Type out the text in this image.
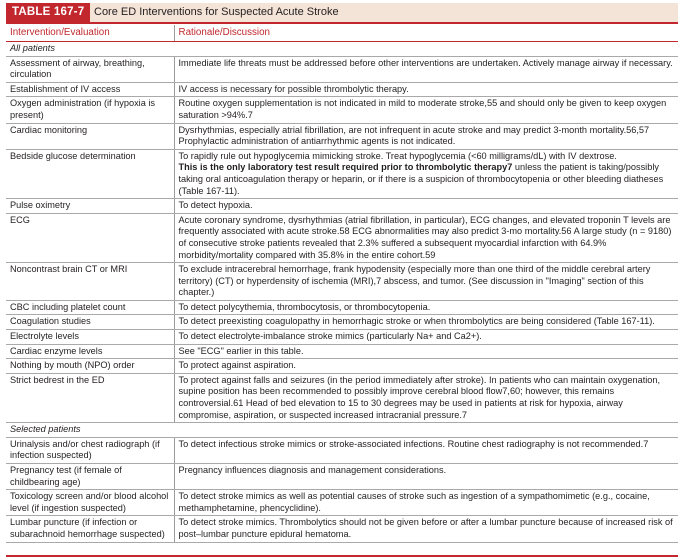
TABLE 167-7 Core ED Interventions for Suspected Acute Stroke
Intervention/Evaluation	Rationale/Discussion
All patients	
Assessment of airway, breathing, circulation	Immediate life threats must be addressed before other interventions are undertaken. Actively manage airway if necessary.
Establishment of IV access	IV access is necessary for possible thrombolytic therapy.
Oxygen administration (if hypoxia is present)	Routine oxygen supplementation is not indicated in mild to moderate stroke,55 and should only be given to keep oxygen saturation >94%.7
Cardiac monitoring	Dysrhythmias, especially atrial fibrillation, are not infrequent in acute stroke and may predict 3-month mortality.56,57 Prophylactic administration of antiarrhythmic agents is not indicated.
Bedside glucose determination	To rapidly rule out hypoglycemia mimicking stroke. Treat hypoglycemia (<60 milligrams/dL) with IV dextrose.

This is the only laboratory test result required prior to thrombolytic therapy7 unless the patient is taking/possibly taking oral anticoagulation therapy or heparin, or if there is a suspicion of thrombocytopenia or other bleeding diatheses (Table 167-11).

Pulse oximetry	To detect hypoxia.
ECG	Acute coronary syndrome, dysrhythmias (atrial fibrillation, in particular), ECG changes, and elevated troponin T levels are frequently associated with acute stroke.58 ECG abnormalities may also predict 3-mo mortality.56 A large study (n = 9180) of consecutive stroke patients revealed that 2.3% suffered a subsequent myocardial infarction with 64.9% morbidity/mortality compared with 35.8% in the entire cohort.59
Noncontrast brain CT or MRI	To exclude intracerebral hemorrhage, frank hypodensity (especially more than one third of the middle cerebral artery territory) (CT) or hyperdensity of ischemia (MRI),7 abscess, and tumor. (See discussion in "Imaging" section of this chapter.)
CBC including platelet count	To detect polycythemia, thrombocytosis, or thrombocytopenia.
Coagulation studies	To detect preexisting coagulopathy in hemorrhagic stroke or when thrombolytics are being considered (Table 167-11).
Electrolyte levels	To detect electrolyte-imbalance stroke mimics (particularly Na+ and Ca2+).
Cardiac enzyme levels	See "ECG" earlier in this table.
Nothing by mouth (NPO) order	To protect against aspiration.
Strict bedrest in the ED	To protect against falls and seizures (in the period immediately after stroke). In patients who can maintain oxygenation, supine position has been recommended to possibly improve cerebral blood flow7,60; however, this remains controversial.61 Head of bed elevation to 15 to 30 degrees may be used in patients at risk for hypoxia, airway compromise, aspiration, or suspected increased intracranial pressure.7
Selected patients	
Urinalysis and/or chest radiograph (if infection suspected)	To detect infectious stroke mimics or stroke-associated infections. Routine chest radiography is not recommended.7
Pregnancy test (if female of childbearing age)	Pregnancy influences diagnosis and management considerations.
Toxicology screen and/or blood alcohol level (if ingestion suspected)	To detect stroke mimics as well as potential causes of stroke such as ingestion of a sympathomimetic (e.g., cocaine, methamphetamine, phencyclidine).
Lumbar puncture (if infection or subarachnoid hemorrhage suspected)	To detect stroke mimics. Thrombolytics should not be given before or after a lumbar puncture because of increased risk of post–lumbar puncture epidural hematoma.
